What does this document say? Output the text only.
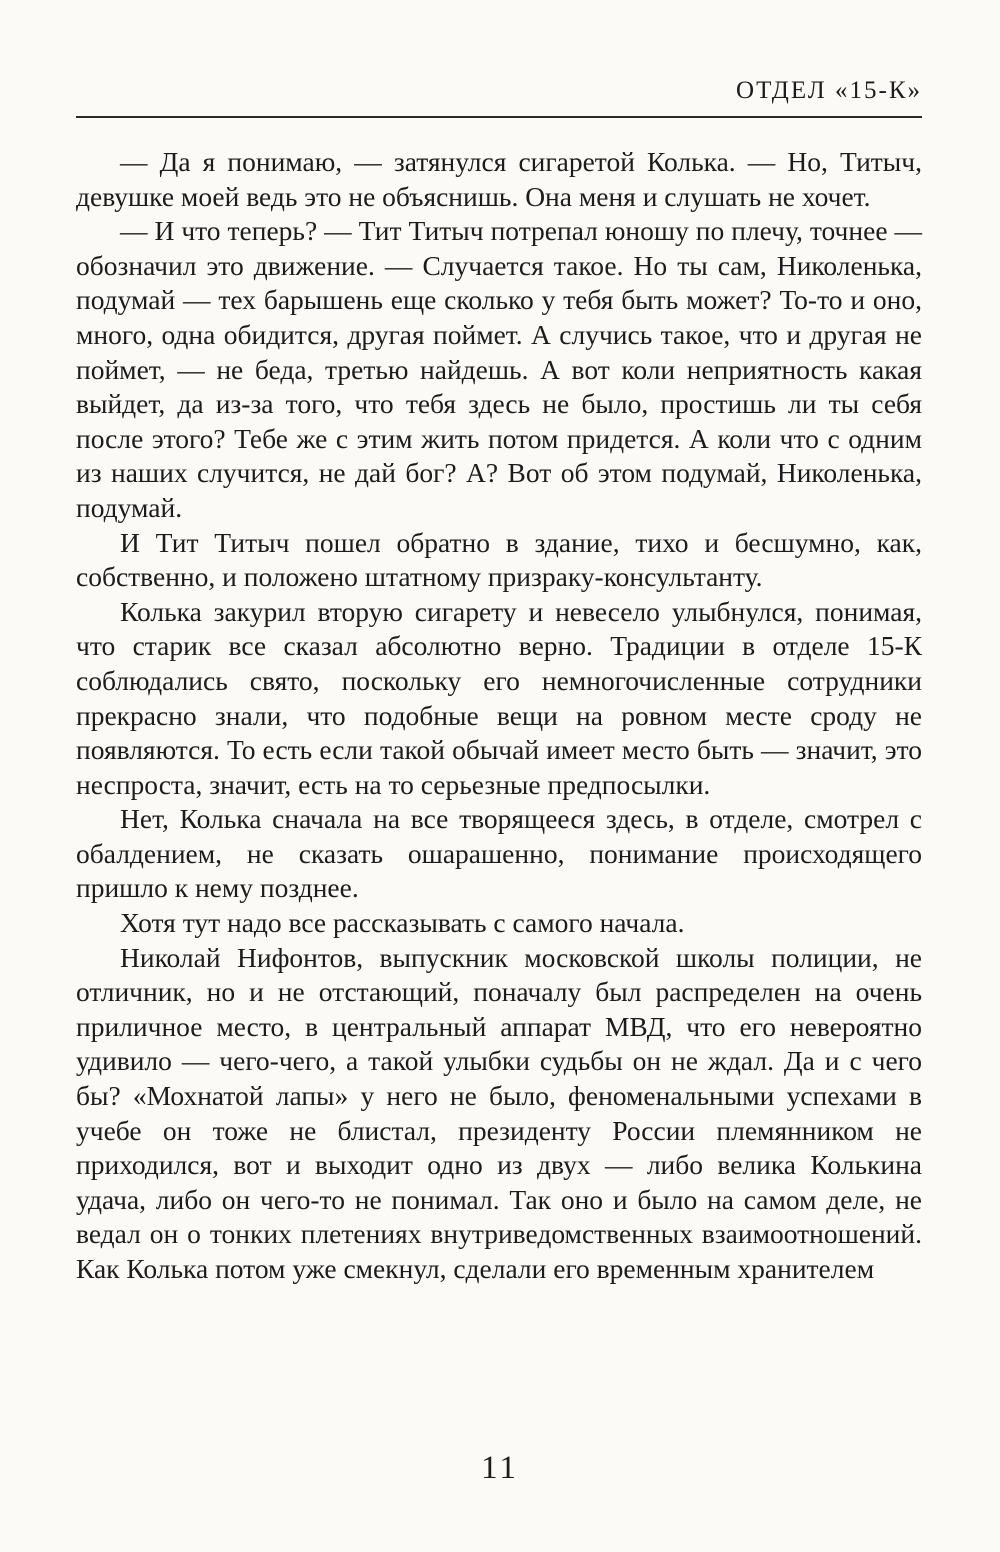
ОТДЕЛ «15-К»

— Да я понимаю, — затянулся сигаретой Колька. — Но, Титыч, девушке моей ведь это не объяснишь. Она меня и слушать не хочет.

— И что теперь? — Тит Титыч потрепал юношу по плечу, точнее — обозначил это движение. — Случается такое. Но ты сам, Николенька, подумай — тех барышень еще сколько у тебя быть может? То-то и оно, много, одна обидится, другая поймет. А случись такое, что и другая не поймет, — не беда, третью найдешь. А вот коли неприятность какая выйдет, да из-за того, что тебя здесь не было, простишь ли ты себя после этого? Тебе же с этим жить потом придется. А коли что с одним из наших случится, не дай бог? А? Вот об этом подумай, Николенька, подумай.

И Тит Титыч пошел обратно в здание, тихо и бесшумно, как, собственно, и положено штатному призраку-консультанту.

Колька закурил вторую сигарету и невесело улыбнулся, понимая, что старик все сказал абсолютно верно. Традиции в отделе 15-К соблюдались свято, поскольку его немногочисленные сотрудники прекрасно знали, что подобные вещи на ровном месте сроду не появляются. То есть если такой обычай имеет место быть — значит, это неспроста, значит, есть на то серьезные предпосылки.

Нет, Колька сначала на все творящееся здесь, в отделе, смотрел с обалдением, не сказать ошарашенно, понимание происходящего пришло к нему позднее.

Хотя тут надо все рассказывать с самого начала.

Николай Нифонтов, выпускник московской школы полиции, не отличник, но и не отстающий, поначалу был распределен на очень приличное место, в центральный аппарат МВД, что его невероятно удивило — чего-чего, а такой улыбки судьбы он не ждал. Да и с чего бы? «Мохнатой лапы» у него не было, феноменальными успехами в учебе он тоже не блистал, президенту России племянником не приходился, вот и выходит одно из двух — либо велика Колькина удача, либо он чего-то не понимал. Так оно и было на самом деле, не ведал он о тонких плетениях внутриведомственных взаимоотношений. Как Колька потом уже смекнул, сделали его временным хранителем

11
